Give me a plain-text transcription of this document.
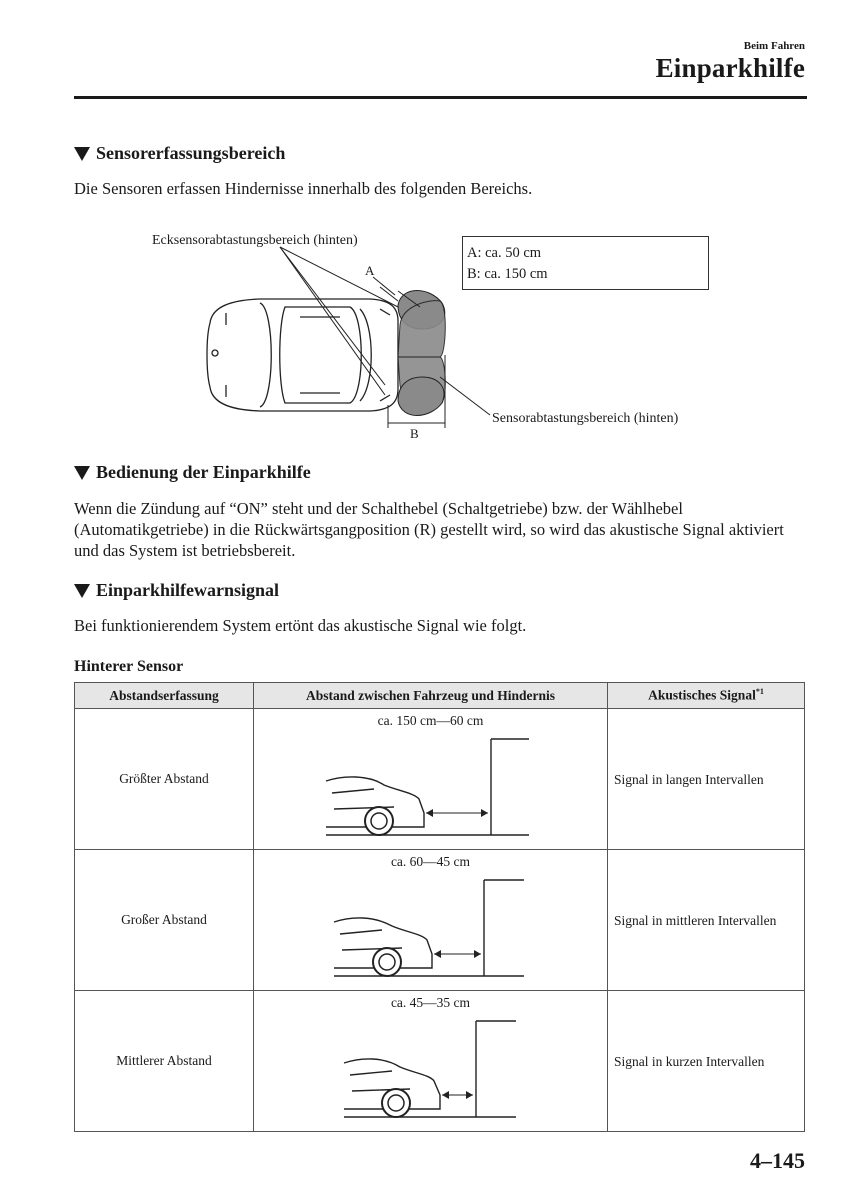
Beim Fahren
Einparkhilfe
Sensorerfassungsbereich
Die Sensoren erfassen Hindernisse innerhalb des folgenden Bereichs.
A
B
Ecksensorabtastungsbereich (hinten)
Sensorabtastungsbereich (hinten)
A: ca. 50 cm
B: ca. 150 cm
Bedienung der Einparkhilfe
Wenn die Zündung auf “ON” steht und der Schalthebel (Schaltgetriebe) bzw. der Wählhebel (Automatikgetriebe) in die Rückwärtsgangposition (R) gestellt wird, so wird das akustische Signal aktiviert und das System ist betriebsbereit.
Einparkhilfewarnsignal
Bei funktionierendem System ertönt das akustische Signal wie folgt.
Hinterer Sensor
Abstandserfassung	Abstand zwischen Fahrzeug und Hindernis	Akustisches Signal$^{*1}$
Größter Abstand	ca. 150 cm—60 cm	Signal in langen Intervallen
Großer Abstand	ca. 60—45 cm	Signal in mittleren Intervallen
Mittlerer Abstand	ca. 45—35 cm	Signal in kurzen Intervallen
4–145
